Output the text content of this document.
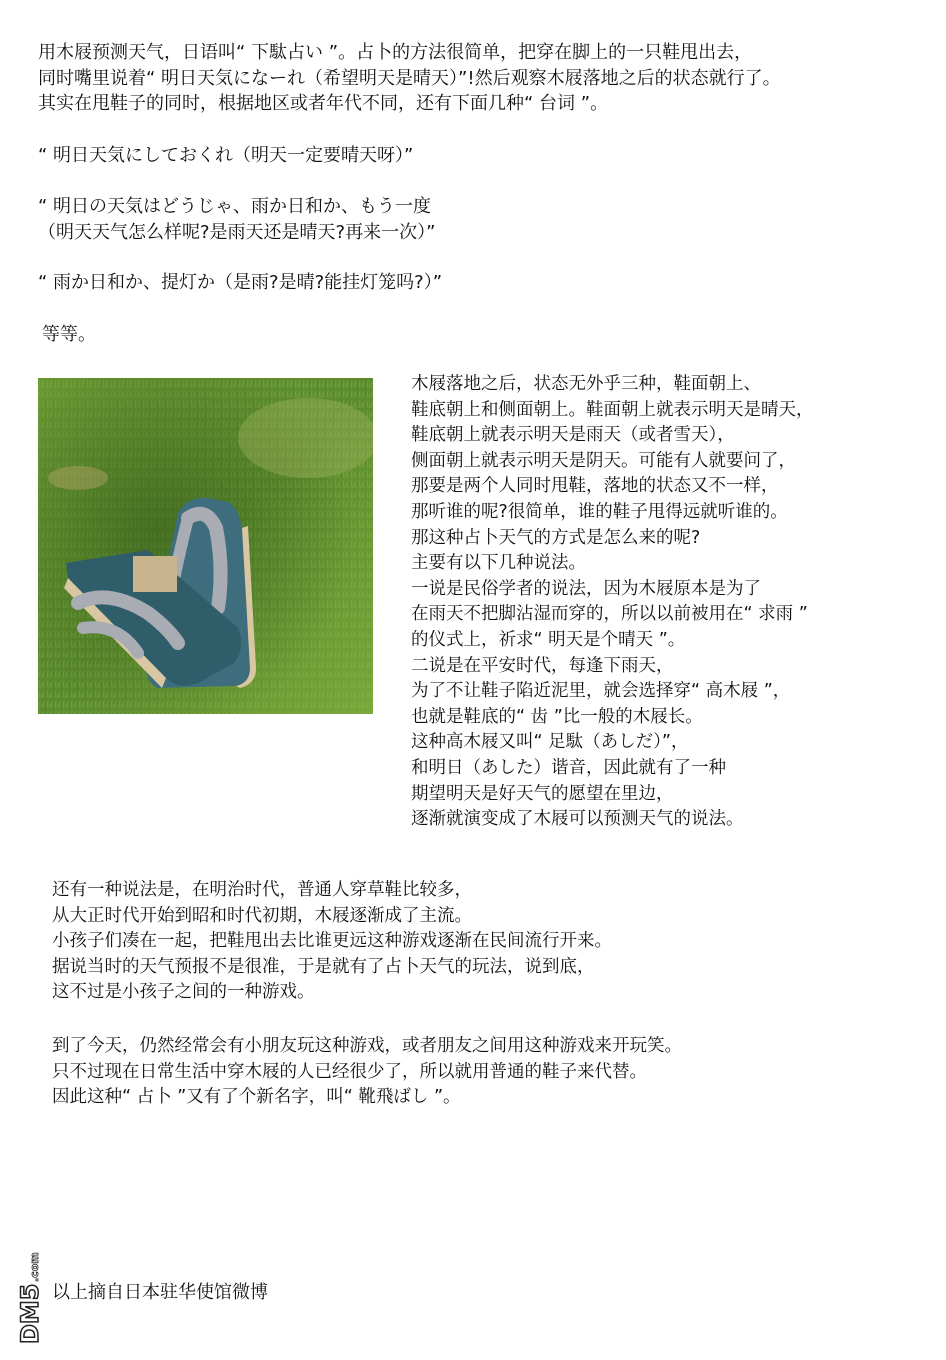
用木屐预测天气，日语叫“ 下駄占い ”。占卜的方法很简单，把穿在脚上的一只鞋甩出去，
同时嘴里说着“ 明日天気になーれ（希望明天是晴天）”!然后观察木屐落地之后的状态就行了。
其实在甩鞋子的同时，根据地区或者年代不同，还有下面几种“ 台词 ”。
“ 明日天気にしておくれ（明天一定要晴天呀）”
“ 明日の天気はどうじゃ、雨か日和か、もう一度
（明天天气怎么样呢?是雨天还是晴天?再来一次）”
“ 雨か日和か、提灯か（是雨?是晴?能挂灯笼吗?）”
等等。
木屐落地之后，状态无外乎三种，鞋面朝上、
鞋底朝上和侧面朝上。鞋面朝上就表示明天是晴天，
鞋底朝上就表示明天是雨天（或者雪天），
侧面朝上就表示明天是阴天。可能有人就要问了，
那要是两个人同时甩鞋，落地的状态又不一样，
那听谁的呢?很简单，谁的鞋子甩得远就听谁的。
那这种占卜天气的方式是怎么来的呢?
主要有以下几种说法。
一说是民俗学者的说法，因为木屐原本是为了
在雨天不把脚沾湿而穿的，所以以前被用在“ 求雨 ”
的仪式上，祈求“ 明天是个晴天 ”。
二说是在平安时代，每逢下雨天，
为了不让鞋子陷近泥里，就会选择穿“ 高木屐 ”，
也就是鞋底的“ 齿 ”比一般的木屐长。
这种高木屐又叫“ 足駄（あしだ）”，
和明日（あした）谐音，因此就有了一种
期望明天是好天气的愿望在里边，
逐渐就演变成了木屐可以预测天气的说法。
还有一种说法是，在明治时代，普通人穿草鞋比较多，
从大正时代开始到昭和时代初期，木屐逐渐成了主流。
小孩子们凑在一起，把鞋甩出去比谁更远这种游戏逐渐在民间流行开来。
据说当时的天气预报不是很准，于是就有了占卜天气的玩法，说到底，
这不过是小孩子之间的一种游戏。
到了今天，仍然经常会有小朋友玩这种游戏，或者朋友之间用这种游戏来开玩笑。
只不过现在日常生活中穿木屐的人已经很少了，所以就用普通的鞋子来代替。
因此这种“ 占卜 ”又有了个新名字，叫“ 靴飛ばし ”。
以上摘自日本驻华使馆微博
DM5
.com
